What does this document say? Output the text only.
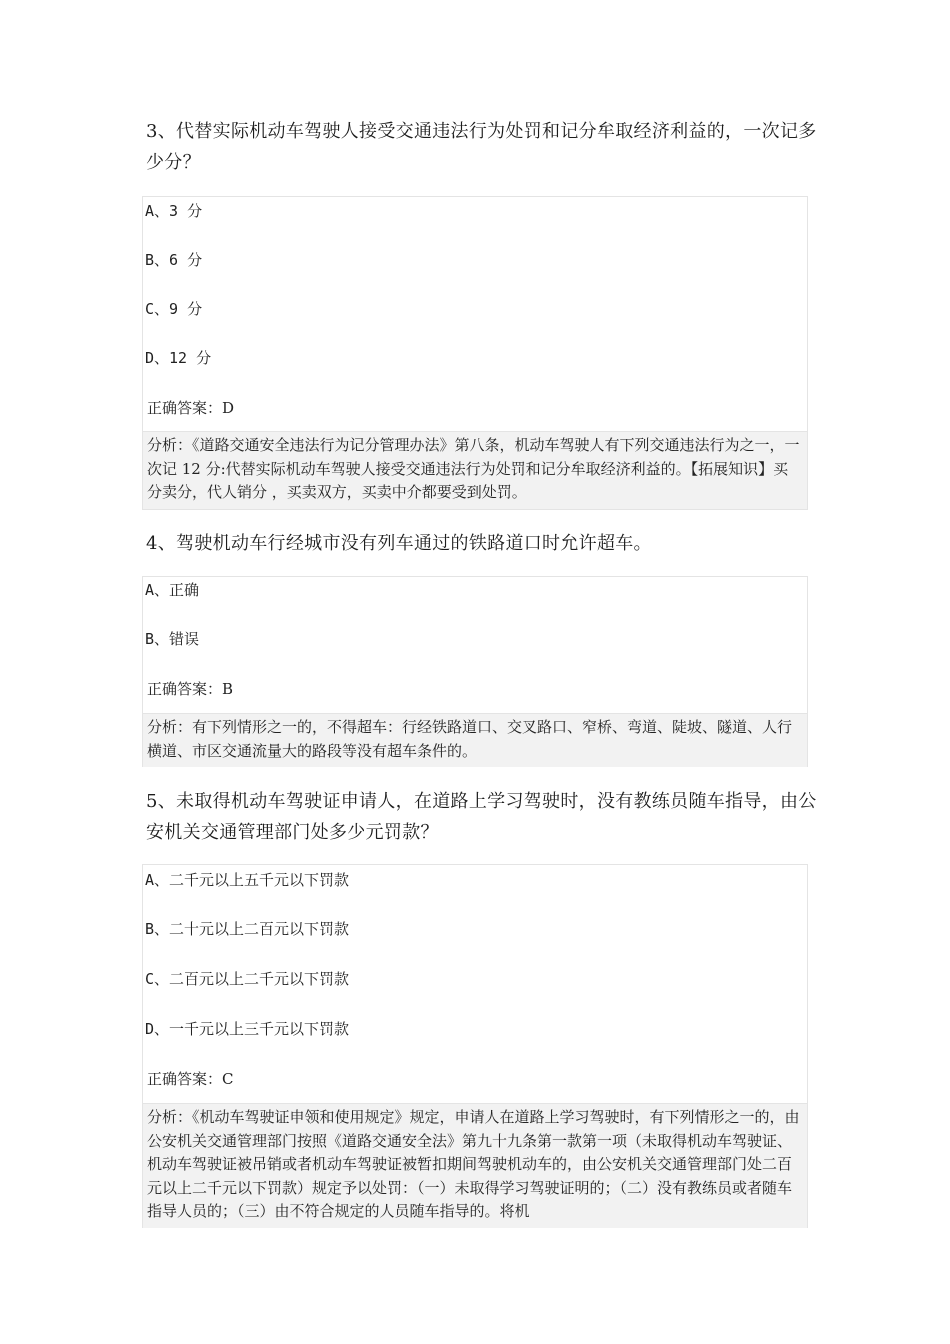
3、代替实际机动车驾驶人接受交通违法行为处罚和记分牟取经济利益的，一次记多少分？

A、3 分
B、6 分
C、9 分
D、12 分
正确答案：D
分析：《道路交通安全违法行为记分管理办法》第八条，机动车驾驶人有下列交通违法行为之一，一次记 12 分:代替实际机动车驾驶人接受交通违法行为处罚和记分牟取经济利益的。【拓展知识】买分卖分，代人销分 ，买卖双方，买卖中介都要受到处罚。

4、驾驶机动车行经城市没有列车通过的铁路道口时允许超车。

A、正确
B、错误
正确答案：B
分析：有下列情形之一的，不得超车：行经铁路道口、交叉路口、窄桥、弯道、陡坡、隧道、人行横道、市区交通流量大的路段等没有超车条件的。

5、未取得机动车驾驶证申请人，在道路上学习驾驶时，没有教练员随车指导，由公安机关交通管理部门处多少元罚款？

A、二千元以上五千元以下罚款
B、二十元以上二百元以下罚款
C、二百元以上二千元以下罚款
D、一千元以上三千元以下罚款
正确答案：C
分析：《机动车驾驶证申领和使用规定》规定，申请人在道路上学习驾驶时，有下列情形之一的，由公安机关交通管理部门按照《道路交通安全法》第九十九条第一款第一项（未取得机动车驾驶证、机动车驾驶证被吊销或者机动车驾驶证被暂扣期间驾驶机动车的，由公安机关交通管理部门处二百元以上二千元以下罚款）规定予以处罚：（一）未取得学习驾驶证明的；（二）没有教练员或者随车指导人员的；（三）由不符合规定的人员随车指导的。将机
